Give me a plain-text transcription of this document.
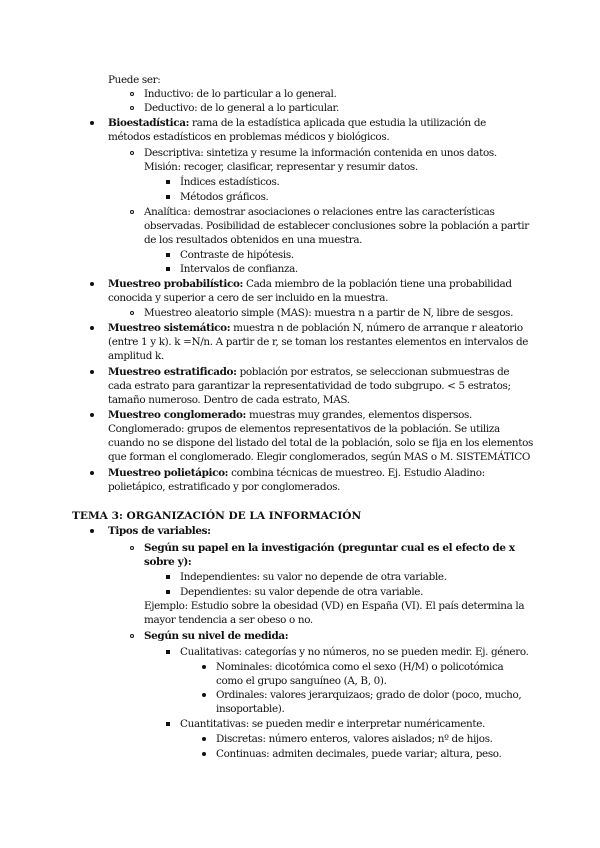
Puede ser:
Inductivo: de lo particular a lo general.
Deductivo: de lo general a lo particular.
Bioestadística: rama de la estadística aplicada que estudia la utilización de
métodos estadísticos en problemas médicos y biológicos.
Descriptiva: sintetiza y resume la información contenida en unos datos.
Misión: recoger, clasificar, representar y resumir datos.
Índices estadísticos.
Métodos gráficos.
Analítica: demostrar asociaciones o relaciones entre las características
observadas. Posibilidad de establecer conclusiones sobre la población a partir
de los resultados obtenidos en una muestra.
Contraste de hipótesis.
Intervalos de confianza.
Muestreo probabilístico: Cada miembro de la población tiene una probabilidad
conocida y superior a cero de ser incluido en la muestra.
Muestreo aleatorio simple (MAS): muestra n a partir de N, libre de sesgos.
Muestreo sistemático: muestra n de población N, número de arranque r aleatorio
(entre 1 y k). k =N/n. A partir de r, se toman los restantes elementos en intervalos de
amplitud k.
Muestreo estratificado: población por estratos, se seleccionan submuestras de
cada estrato para garantizar la representatividad de todo subgrupo. < 5 estratos;
tamaño numeroso. Dentro de cada estrato, MAS.
Muestreo conglomerado: muestras muy grandes, elementos dispersos.
Conglomerado: grupos de elementos representativos de la población. Se utiliza
cuando no se dispone del listado del total de la población, solo se fija en los elementos
que forman el conglomerado. Elegir conglomerados, según MAS o M. SISTEMÁTICO
Muestreo polietápico: combina técnicas de muestreo. Ej. Estudio Aladino:
polietápico, estratificado y por conglomerados.
TEMA 3: ORGANIZACIÓN DE LA INFORMACIÓN
Tipos de variables:
Según su papel en la investigación (preguntar cual es el efecto de x
sobre y):
Independientes: su valor no depende de otra variable.
Dependientes: su valor depende de otra variable.
Ejemplo: Estudio sobre la obesidad (VD) en España (VI). El país determina la
mayor tendencia a ser obeso o no.
Según su nivel de medida:
Cualitativas: categorías y no números, no se pueden medir. Ej. género.
Nominales: dicotómica como el sexo (H/M) o policotómica
como el grupo sanguíneo (A, B, 0).
Ordinales: valores jerarquizaos; grado de dolor (poco, mucho,
insoportable).
Cuantitativas: se pueden medir e interpretar numéricamente.
Discretas: número enteros, valores aislados; nº de hijos.
Continuas: admiten decimales, puede variar; altura, peso.
